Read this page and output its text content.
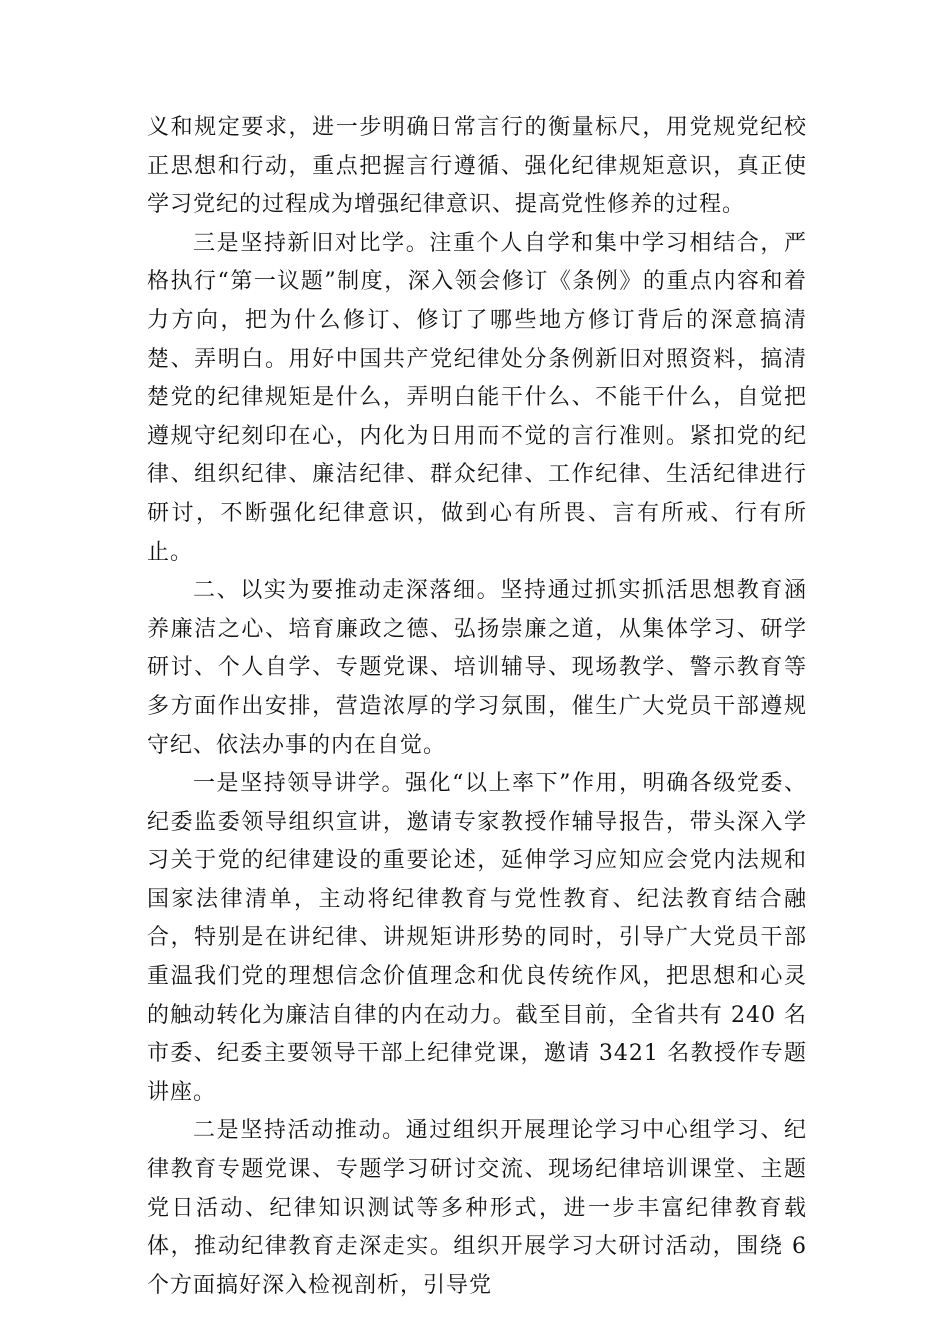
义和规定要求，进一步明确日常言行的衡量标尺，用党规党纪校正思想和行动，重点把握言行遵循、强化纪律规矩意识，真正使学习党纪的过程成为增强纪律意识、提高党性修养的过程。

三是坚持新旧对比学。注重个人自学和集中学习相结合，严格执行“第一议题”制度，深入领会修订《条例》的重点内容和着力方向，把为什么修订、修订了哪些地方修订背后的深意搞清楚、弄明白。用好中国共产党纪律处分条例新旧对照资料，搞清楚党的纪律规矩是什么，弄明白能干什么、不能干什么，自觉把遵规守纪刻印在心，内化为日用而不觉的言行准则。紧扣党的纪律、组织纪律、廉洁纪律、群众纪律、工作纪律、生活纪律进行研讨，不断强化纪律意识，做到心有所畏、言有所戒、行有所止。

二、以实为要推动走深落细。坚持通过抓实抓活思想教育涵养廉洁之心、培育廉政之德、弘扬崇廉之道，从集体学习、研学研讨、个人自学、专题党课、培训辅导、现场教学、警示教育等多方面作出安排，营造浓厚的学习氛围，催生广大党员干部遵规守纪、依法办事的内在自觉。

一是坚持领导讲学。强化“以上率下”作用，明确各级党委、纪委监委领导组织宣讲，邀请专家教授作辅导报告，带头深入学习关于党的纪律建设的重要论述，延伸学习应知应会党内法规和国家法律清单，主动将纪律教育与党性教育、纪法教育结合融合，特别是在讲纪律、讲规矩讲形势的同时，引导广大党员干部重温我们党的理想信念价值理念和优良传统作风，把思想和心灵的触动转化为廉洁自律的内在动力。截至目前，全省共有 240 名市委、纪委主要领导干部上纪律党课，邀请 3421 名教授作专题讲座。

二是坚持活动推动。通过组织开展理论学习中心组学习、纪律教育专题党课、专题学习研讨交流、现场纪律培训课堂、主题党日活动、纪律知识测试等多种形式，进一步丰富纪律教育载体，推动纪律教育走深走实。组织开展学习大研讨活动，围绕 6 个方面搞好深入检视剖析，引导党
